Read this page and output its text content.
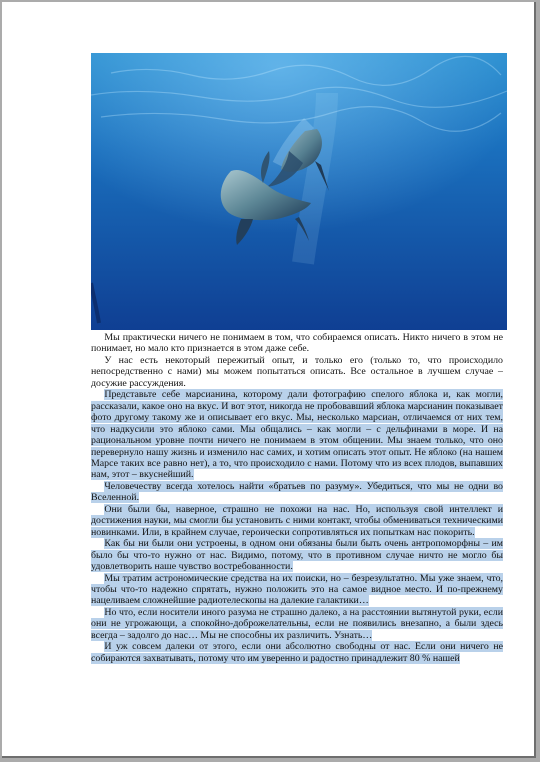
Мы практически ничего не понимаем в том, что собираемся описать. Никто ничего в этом не понимает, но мало кто признается в этом даже себе.

У нас есть некоторый пережитый опыт, и только его (только то, что происходило непосредственно с нами) мы можем попытаться описать. Все остальное в лучшем случае – досужие рассуждения.

Представьте себе марсианина, которому дали фотографию спелого яблока и, как могли, рассказали, какое оно на вкус. И вот этот, никогда не пробовавший яблока марсианин показывает фото другому такому же и описывает его вкус. Мы, несколько марсиан, отличаемся от них тем, что надкусили это яблоко сами. Мы общались – как могли – с дельфинами в море. И на рациональном уровне почти ничего не понимаем в этом общении. Мы знаем только, что оно перевернуло нашу жизнь и изменило нас самих, и хотим описать этот опыт. Не яблоко (на нашем Марсе таких все равно нет), а то, что происходило с нами. Потому что из всех плодов, выпавших нам, этот – вкуснейший.

Человечеству всегда хотелось найти «братьев по разуму». Убедиться, что мы не одни во Вселенной.

Они были бы, наверное, страшно не похожи на нас. Но, используя свой интеллект и достижения науки, мы смогли бы установить с ними контакт, чтобы обмениваться техническими новинками. Или, в крайнем случае, героически сопротивляться их попыткам нас покорить.

Как бы ни были они устроены, в одном они обязаны были быть очень антропоморфны – им было бы что-то нужно от нас. Видимо, потому, что в противном случае ничто не могло бы удовлетворить наше чувство востребованности.

Мы тратим астрономические средства на их поиски, но – безрезультатно. Мы уже знаем, что, чтобы что-то надежно спрятать, нужно положить это на самое видное место. И по-прежнему нацеливаем сложнейшие радиотелескопы на далекие галактики…

Но что, если носители иного разума не страшно далеко, а на расстоянии вытянутой руки, если они не угрожающи, а спокойно-доброжелательны, если не появились внезапно, а были здесь всегда – задолго до нас… Мы не способны их различить. Узнать…

И уж совсем далеки от этого, если они абсолютно свободны от нас. Если они ничего не собираются захватывать, потому что им уверенно и радостно принадлежит 80 % нашей
